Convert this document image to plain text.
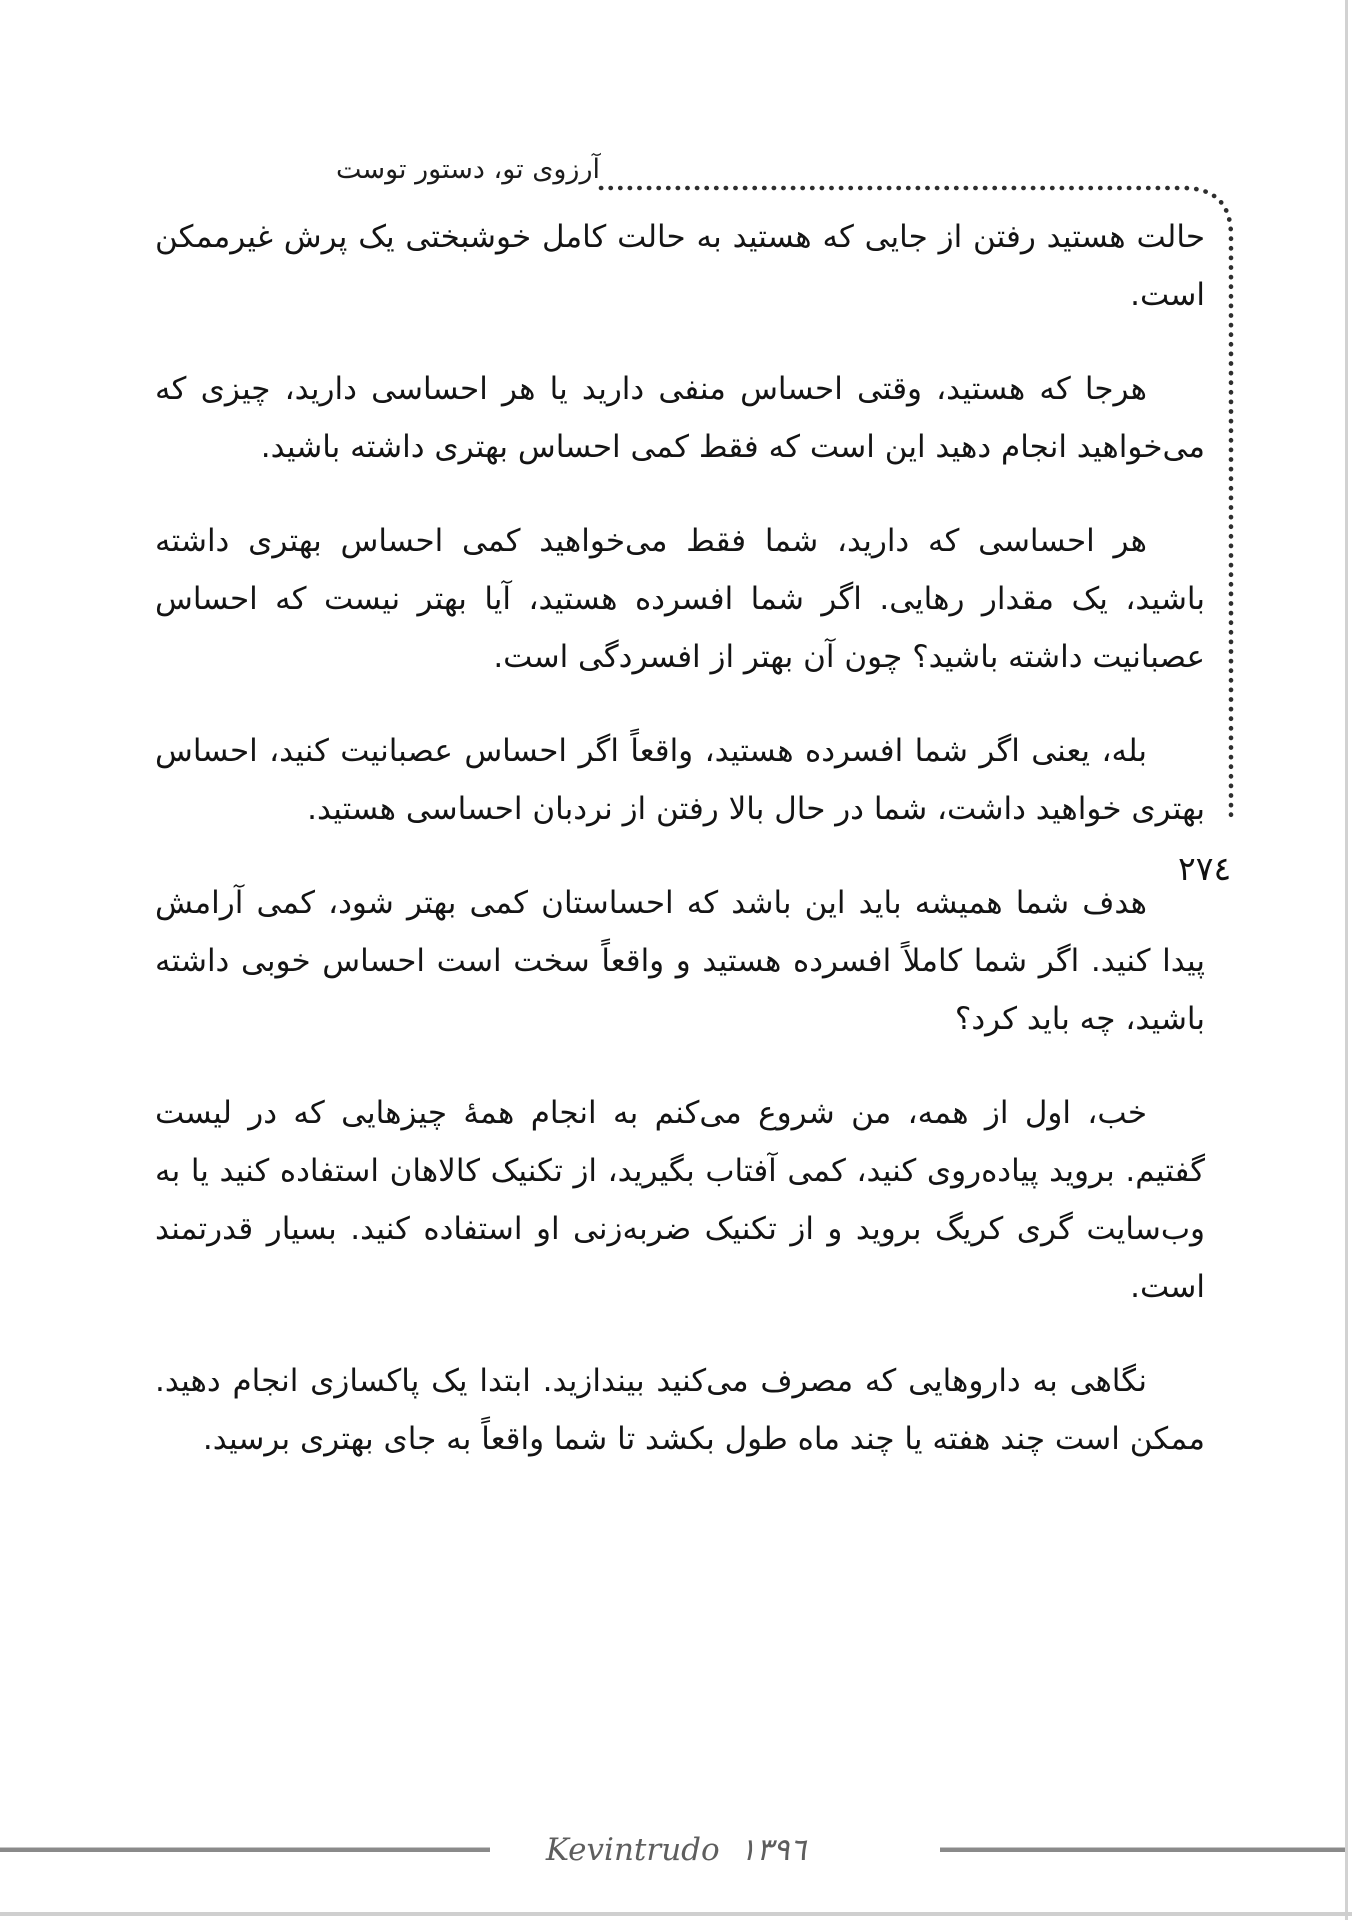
آرزوی تو، دستور توست
٢٧٤

حالت هستید رفتن از جایی که هستید به حالت کامل خوشبختی یک پرش غیرممکن است.

هرجا که هستید، وقتی احساس منفی دارید یا هر احساسی دارید، چیزی که می‌خواهید انجام دهید این است که فقط کمی احساس بهتری داشته باشید.

هر احساسی که دارید، شما فقط می‌خواهید کمی احساس بهتری داشته باشید، یک مقدار رهایی. اگر شما افسرده هستید، آیا بهتر نیست که احساس عصبانیت داشته باشید؟ چون آن بهتر از افسردگی است.

بله، یعنی اگر شما افسرده هستید، واقعاً اگر احساس عصبانیت کنید، احساس بهتری خواهید داشت، شما در حال بالا رفتن از نردبان احساسی هستید.

هدف شما همیشه باید این باشد که احساستان کمی بهتر شود، کمی آرامش پیدا کنید. اگر شما کاملاً افسرده هستید و واقعاً سخت است احساس خوبی داشته باشید، چه باید کرد؟

خب، اول از همه، من شروع می‌کنم به انجام همهٔ چیزهایی که در لیست گفتیم. بروید پیاده‌روی کنید، کمی آفتاب بگیرید، از تکنیک کالاهان استفاده کنید یا به وب‌سایت گری کریگ بروید و از تکنیک ضربه‌زنی او استفاده کنید. بسیار قدرتمند است.

نگاهی به داروهایی که مصرف می‌کنید بیندازید. ابتدا یک پاکسازی انجام دهید. ممکن است چند هفته یا چند ماه طول بکشد تا شما واقعاً به جای بهتری برسید.

Kevintrudo ١٣٩٦
